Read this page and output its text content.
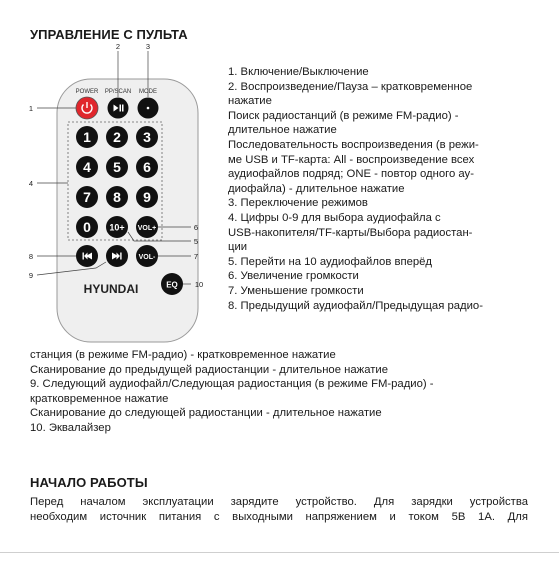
УПРАВЛЕНИЕ С ПУЛЬТА
POWER PP/SCAN MODE
1 2 3
4 5 6
7 8 9
0 10+ VOL+
VOL-
HYUNDAI	EQ
2	3
1
4
6
5
7
8
9
10
1. Включение/Выключение
2. Воспроизведение/Пауза – кратковременное
нажатие
Поиск радиостанций (в режиме FM-радио) -
длительное нажатие
Последовательность воспроизведения (в режи-
ме USB и TF-карта: All - воспроизведение всех
аудиофайлов подряд; ONE - повтор одного ау-
диофайла) - длительное нажатие
3. Переключение режимов
4. Цифры 0-9 для выбора аудиофайла с
USB-накопителя/TF-карты/Выбора радиостан-
ции
5. Перейти на 10 аудиофайлов вперёд
6. Увеличение громкости
7. Уменьшение громкости
8. Предыдущий аудиофайл/Предыдущая радио-
станция (в режиме FM-радио) - кратковременное нажатие
Сканирование до предыдущей радиостанции - длительное нажатие
9. Следующий аудиофайл/Следующая радиостанция (в режиме FM-радио) -
кратковременное нажатие
Сканирование до следующей радиостанции - длительное нажатие
10. Эквалайзер
НАЧАЛО РАБОТЫ
Перед началом эксплуатации зарядите устройство. Для зарядки устройства
необходим источник питания с выходными напряжением и током 5В 1А. Для
